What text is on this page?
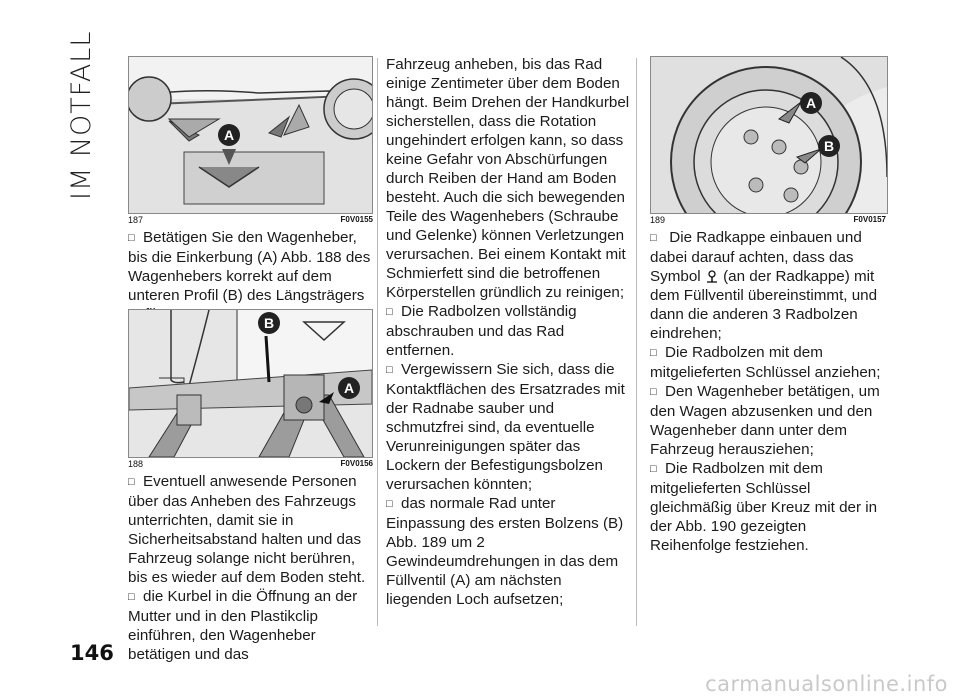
IM NOTFALL	A
187	F0V0155

□ Betätigen Sie den Wagenheber, bis die Einkerbung (A) Abb. 188 des Wagenhebers korrekt auf dem unteren Profil (B) des Längsträgers

B
A
188	F0V0156

□ Eventuell anwesende Personen über das Anheben des Fahrzeugs unterrichten, damit sie in Sicherheitsabstand halten und das Fahrzeug solange nicht berühren, bis es wieder auf dem Boden steht.

□ die Kurbel in die Öffnung an der Mutter und in den Plastikclip einführen, den Wagenheber betätigen und das

Fahrzeug anheben, bis das Rad einige Zentimeter über dem Boden hängt. Beim Drehen der Handkurbel sicherstellen, dass die Rotation ungehindert erfolgen kann, so dass keine Gefahr von Abschürfungen durch Reiben der Hand am Boden besteht. Auch die sich bewegenden Teile des Wagenhebers (Schraube und Gelenke) können Verletzungen verursachen. Bei einem Kontakt mit Schmierfett sind die betroffenen Körperstellen gründlich zu reinigen;

□ Die Radbolzen vollständig abschrauben und das Rad entfernen.

□ Vergewissern Sie sich, dass die Kontaktflächen des Ersatzrades mit der Radnabe sauber und schmutzfrei sind, da eventuelle Verunreinigungen später das Lockern der Befestigungsbolzen verursachen könnten;

□ das normale Rad unter Einpassung des ersten Bolzens (B) Abb. 189 um 2 Gewindeumdrehungen in das dem Füllventil (A) am nächsten liegenden Loch aufsetzen;

A
B
189	F0V0157

□ Die Radkappe einbauen und dabei darauf achten, dass das Symbol (an der Radkappe) mit dem Füllventil übereinstimmt, und dann die anderen 3 Radbolzen eindrehen;

□ Die Radbolzen mit dem mitgelieferten Schlüssel anziehen;

□ Den Wagenheber betätigen, um den Wagen abzusenken und den Wagenheber dann unter dem Fahrzeug herausziehen;

□ Die Radbolzen mit dem mitgelieferten Schlüssel gleichmäßig über Kreuz mit der in der Abb. 190 gezeigten Reihenfolge festziehen.

146
carmanualsonline.info
